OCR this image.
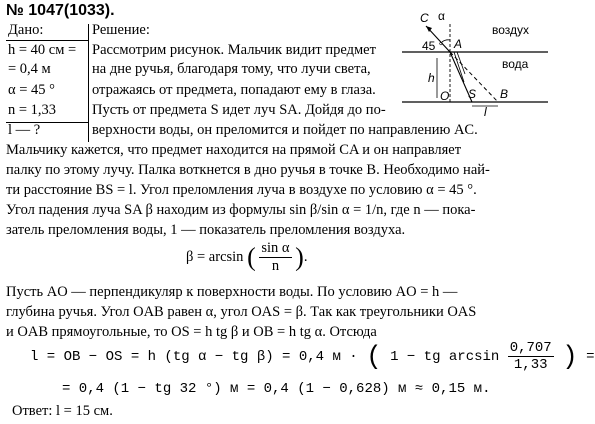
№ 1047(1033).
Дано:
h = 40 см =
= 0,4 м
α = 45 °
n = 1,33
l — ?
Решение:
Рассмотрим рисунок. Мальчик видит предмет
на дне ручья, благодаря тому, что лучи света,
отражаясь от предмета, попадают ему в глаза.
Пусть от предмета S идет луч SA. Дойдя до по-
верхности воды, он преломится и пойдет по направлению AC.
C α
воздух
45 ° A
вода
h
O S B
l
Мальчику кажется, что предмет находится на прямой CA и он направляет
палку по этому лучу. Палка воткнется в дно ручья в точке B. Необходимо най-
ти расстояние BS = l. Угол преломления луча в воздухе по условию α = 45 °.
Угол падения луча SA β находим из формулы sin β/sin α = 1/n, где n — пока-
затель преломления воды, 1 — показатель преломления воздуха.
β = arcsin ( $\frac{\text{sin α}}{n}$ ).
Пусть AO — перпендикуляр к поверхности воды. По условию AO = h —
глубина ручья. Угол OAB равен α, угол OAS = β. Так как треугольники OAS
и OAB прямоугольные, то OS = h tg β и OB = h tg α. Отсюда
l = OB − OS = h (tg α − tg β) = 0,4 м · ( 1 − tg $\arcsin \frac{0,707}{1,33}$ ) =
= 0,4 (1 − tg 32 °) м = 0,4 (1 − 0,628) м ≈ 0,15 м.
Ответ: l = 15 см.
